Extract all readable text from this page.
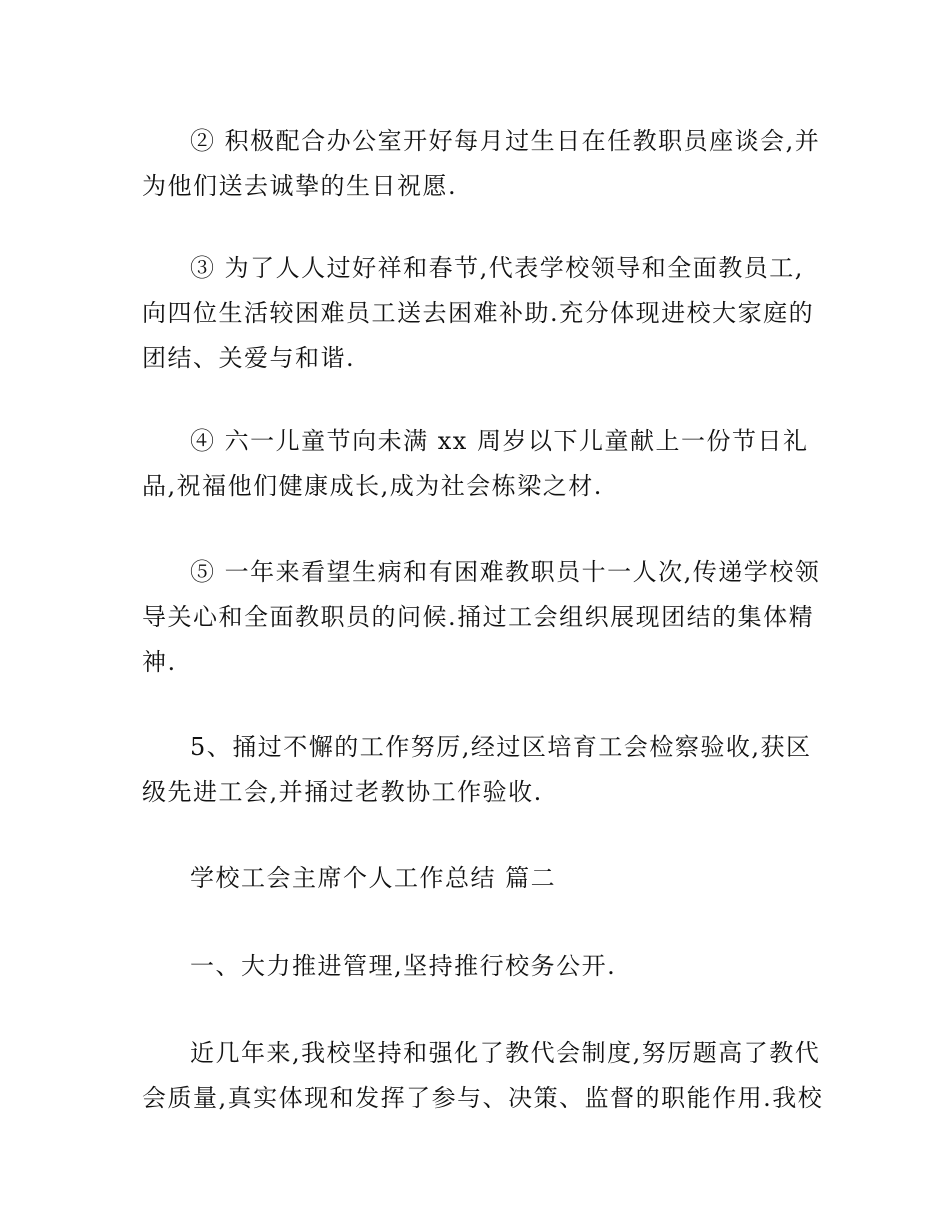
② 积极配合办公室开好每月过生日在任教职员座谈会,并
为他们送去诚挚的生日祝愿.

③ 为了人人过好祥和春节,代表学校领导和全面教员工,
向四位生活较困难员工送去困难补助.充分体现进校大家庭的
团结、关爱与和谐.

④ 六一儿童节向未满 xx 周岁以下儿童献上一份节日礼
品,祝福他们健康成长,成为社会栋梁之材.

⑤ 一年来看望生病和有困难教职员十一人次,传递学校领
导关心和全面教职员的问候.捅过工会组织展现团结的集体精
神.

5、捅过不懈的工作努厉,经过区培育工会检察验收,获区
级先进工会,并捅过老教协工作验收.

学校工会主席个人工作总结 篇二

一、大力推进管理,坚持推行校务公开.

近几年来,我校坚持和强化了教代会制度,努厉题高了教代
会质量,真实体现和发挥了参与、决策、监督的职能作用.我校
